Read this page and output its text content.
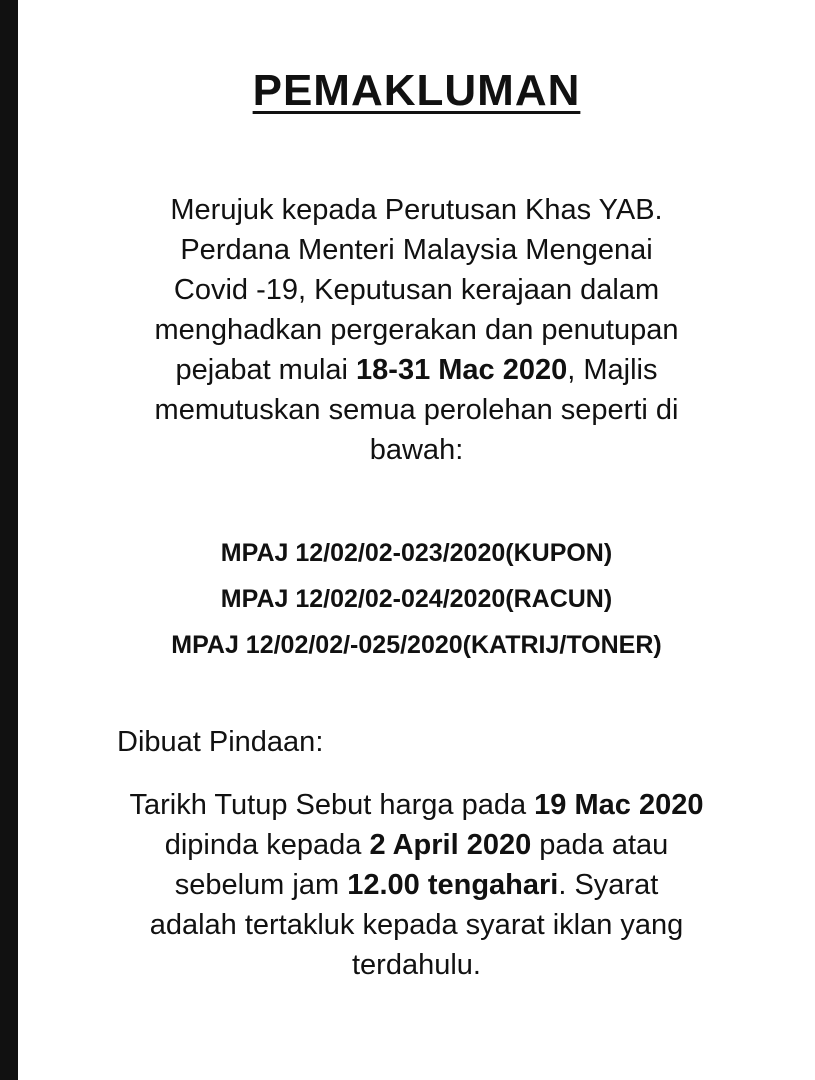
PEMAKLUMAN
Merujuk kepada Perutusan Khas YAB.
Perdana Menteri Malaysia Mengenai
Covid -19, Keputusan kerajaan dalam
menghadkan pergerakan dan penutupan
pejabat mulai 18-31 Mac 2020, Majlis
memutuskan semua perolehan seperti di
bawah:
MPAJ 12/02/02-023/2020(KUPON)
MPAJ 12/02/02-024/2020(RACUN)
MPAJ 12/02/02/-025/2020(KATRIJ/TONER)
Dibuat Pindaan:
Tarikh Tutup Sebut harga pada 19 Mac 2020
dipinda kepada 2 April 2020 pada atau
sebelum jam 12.00 tengahari. Syarat
adalah tertakluk kepada syarat iklan yang
terdahulu.
